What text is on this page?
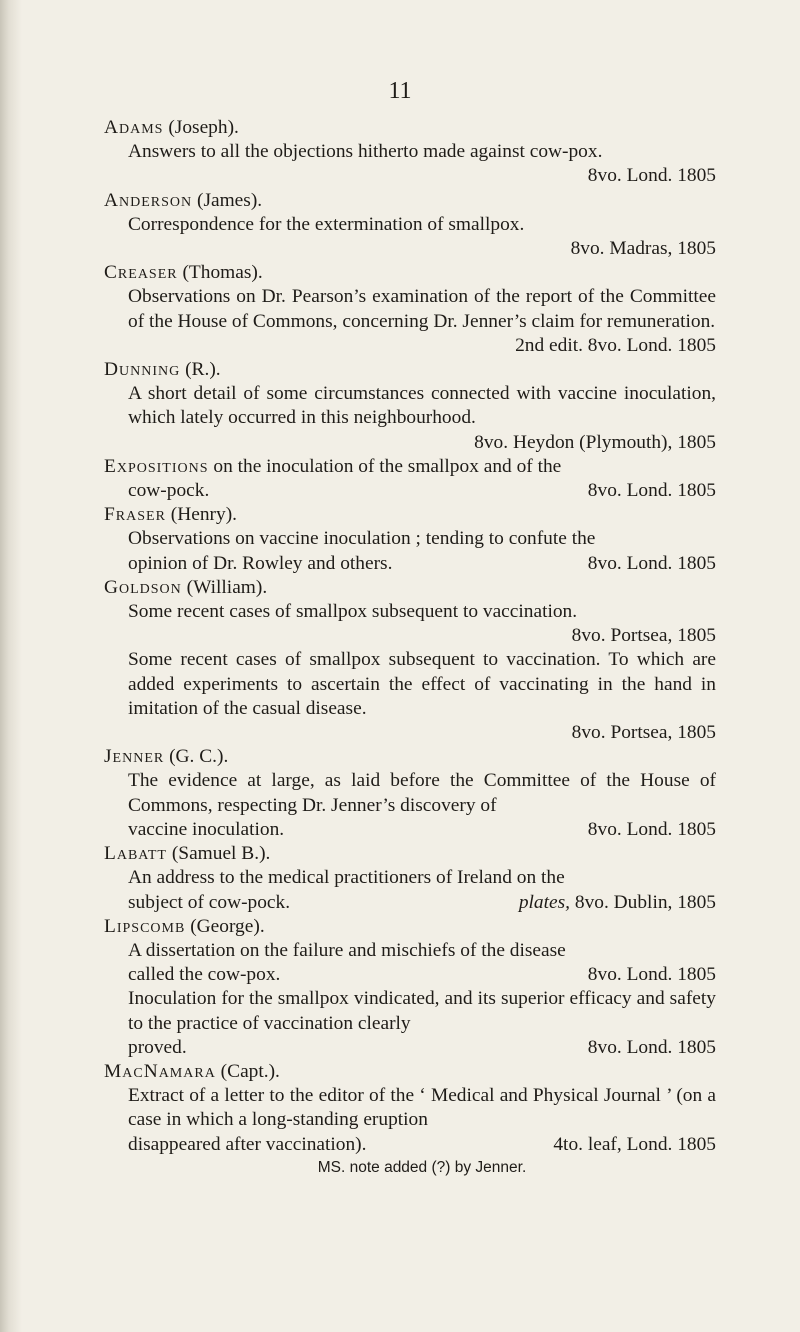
11

Adams (Joseph).

Answers to all the objections hitherto made against cow-pox.

8vo. Lond. 1805

Anderson (James).

Correspondence for the extermination of smallpox.

8vo. Madras, 1805

Creaser (Thomas).

Observations on Dr. Pearson’s examination of the report of the Committee of the House of Commons, concerning Dr. Jenner’s claim for remuneration.

2nd edit. 8vo. Lond. 1805

Dunning (R.).

A short detail of some circumstances connected with vaccine inoculation, which lately occurred in this neighbourhood.

8vo. Heydon (Plymouth), 1805

Expositions on the inoculation of the smallpox and of the

cow-pock.	8vo. Lond. 1805

Fraser (Henry).

Observations on vaccine inoculation ; tending to confute the

opinion of Dr. Rowley and others.	8vo. Lond. 1805

Goldson (William).

Some recent cases of smallpox subsequent to vaccination.

8vo. Portsea, 1805

Some recent cases of smallpox subsequent to vaccination. To which are added experiments to ascertain the effect of vaccinating in the hand in imitation of the casual disease.

8vo. Portsea, 1805

Jenner (G. C.).

The evidence at large, as laid before the Committee of the House of Commons, respecting Dr. Jenner’s discovery of

vaccine inoculation.	8vo. Lond. 1805

Labatt (Samuel B.).

An address to the medical practitioners of Ireland on the

subject of cow-pock.	plates, 8vo. Dublin, 1805

Lipscomb (George).

A dissertation on the failure and mischiefs of the disease

called the cow-pox.	8vo. Lond. 1805

Inoculation for the smallpox vindicated, and its superior efficacy and safety to the practice of vaccination clearly

proved.	8vo. Lond. 1805

MacNamara (Capt.).

Extract of a letter to the editor of the ‘ Medical and Physical Journal ’ (on a case in which a long-standing eruption

disappeared after vaccination).	4to. leaf, Lond. 1805

MS. note added (?) by Jenner.
